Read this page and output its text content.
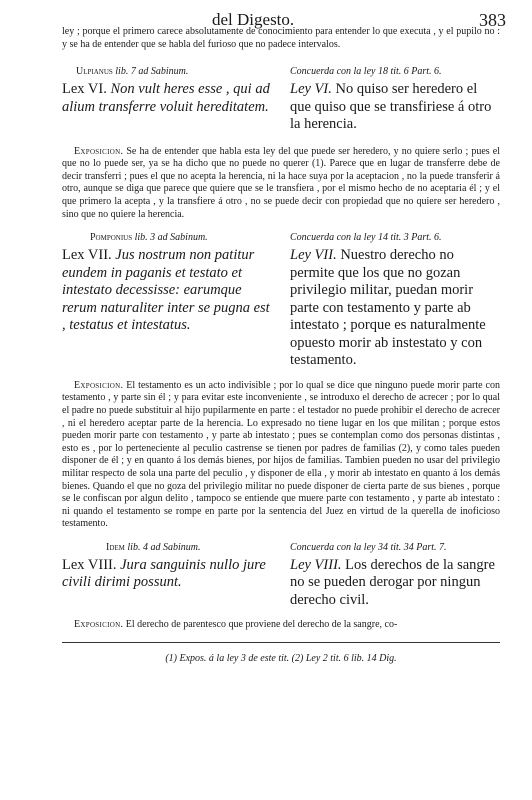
del Digesto.	383

ley ; porque el primero carece absolutamente de conocimiento para entender lo que executa , y el pupilo no : y se ha de entender que se habla del furioso que no padece intervalos.

Ulpianus lib. 7 ad Sabinum.	Concuerda con la ley 18 tit. 6 Part. 6.
Lex VI. Non vult heres esse , qui ad alium transferre voluit hereditatem.
Ley VI. No quiso ser heredero el que quiso que se transfiriese á otro la herencia.

Exposicion. Se ha de entender que habla esta ley del que puede ser heredero, y no quiere serlo ; pues el que no lo puede ser, ya se ha dicho que no puede no querer (1). Parece que en lugar de transferre debe de decir transferri ; pues el que no acepta la herencia, ni la hace suya por la aceptacion , no la puede transferir á otro, aunque se diga que parece que quiere que se le transfiera , por el mismo hecho de no aceptaria él ; y el que primero la acepta , y la transfiere á otro , no se puede decir con propiedad que no quiere ser heredero , sino que no quiere la herencia.

Pomponius lib. 3 ad Sabinum.	Concuerda con la ley 14 tit. 3 Part. 6.
Lex VII. Jus nostrum non patitur eundem in paganis et testato et intestato decessisse: earumque rerum naturaliter inter se pugna est , testatus et intestatus.
Ley VII. Nuestro derecho no permite que los que no gozan privilegio militar, puedan morir parte con testamento y parte ab intestato ; porque es naturalmente opuesto morir ab instestato y con testamento.

Exposicion. El testamento es un acto indivisible ; por lo qual se dice que ninguno puede morir parte con testamento , y parte sin él ; y para evitar este inconveniente , se introduxo el derecho de acrecer ; por lo qual el padre no puede substituir al hijo pupilarmente en parte : el testador no puede prohibir el derecho de acrecer , ni el heredero aceptar parte de la herencia. Lo expresado no tiene lugar en los que militan ; porque estos pueden morir parte con testamento , y parte ab intestato ; pues se contemplan como dos personas distintas , esto es , por lo perteneciente al peculio castrense se tienen por padres de familias (2), y como tales pueden disponer de él ; y en quanto á los demás bienes, por hijos de familias. Tambien pueden no usar del privilegio militar respecto de sola una parte del peculio , y disponer de ella , y morir ab intestato en quanto á los demás bienes. Quando el que no goza del privilegio militar no puede disponer de cierta parte de sus bienes , porque se le confiscan por algun delito , tampoco se entiende que muere parte con testamento , y parte ab intestato : ni quando el testamento se rompe en parte por la sentencia del Juez en virtud de la querella de inoficioso testamento.

Idem lib. 4 ad Sabinum.	Concuerda con la ley 34 tit. 34 Part. 7.
Lex VIII. Jura sanguinis nullo jure civili dirimi possunt.
Ley VIII. Los derechos de la sangre no se pueden derogar por ningun derecho civil.

Exposicion. El derecho de parentesco que proviene del derecho de la sangre, co-

(1) Expos. á la ley 3 de este tit. (2) Ley 2 tit. 6 lib. 14 Dig.
